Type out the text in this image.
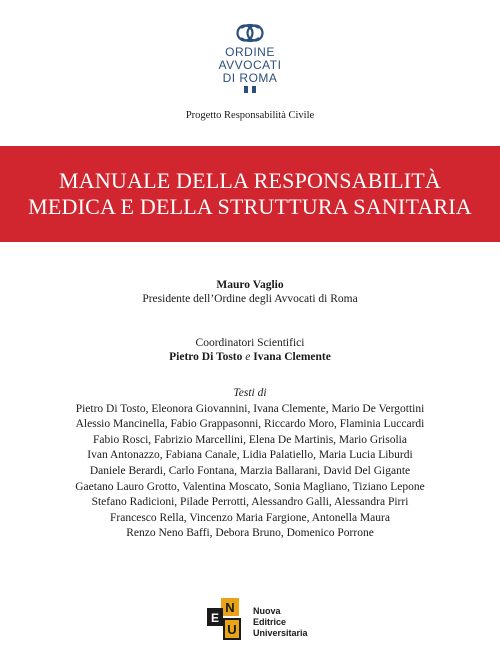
ORDINE
AVVOCATI
DI ROMA
Progetto Responsabilità Civile
MANUALE DELLA RESPONSABILITÀ
MEDICA E DELLA STRUTTURA SANITARIA
Mauro Vaglio
Presidente dell’Ordine degli Avvocati di Roma
Coordinatori Scientifici
Pietro Di Tosto e Ivana Clemente
Testi di
Pietro Di Tosto, Eleonora Giovannini, Ivana Clemente, Mario De Vergottini
Alessio Mancinella, Fabio Grappasonni, Riccardo Moro, Flaminia Luccardi
Fabio Rosci, Fabrizio Marcellini, Elena De Martinis, Mario Grisolia
Ivan Antonazzo, Fabiana Canale, Lidia Palatiello, Maria Lucia Liburdi
Daniele Berardi, Carlo Fontana, Marzia Ballarani, David Del Gigante
Gaetano Lauro Grotto, Valentina Moscato, Sonia Magliano, Tiziano Lepone
Stefano Radicioni, Pilade Perrotti, Alessandro Galli, Alessandra Pirri
Francesco Rella, Vincenzo Maria Fargione, Antonella Maura
Renzo Neno Baffi, Debora Bruno, Domenico Porrone
N
E
U
Nuova
Editrice
Universitaria
